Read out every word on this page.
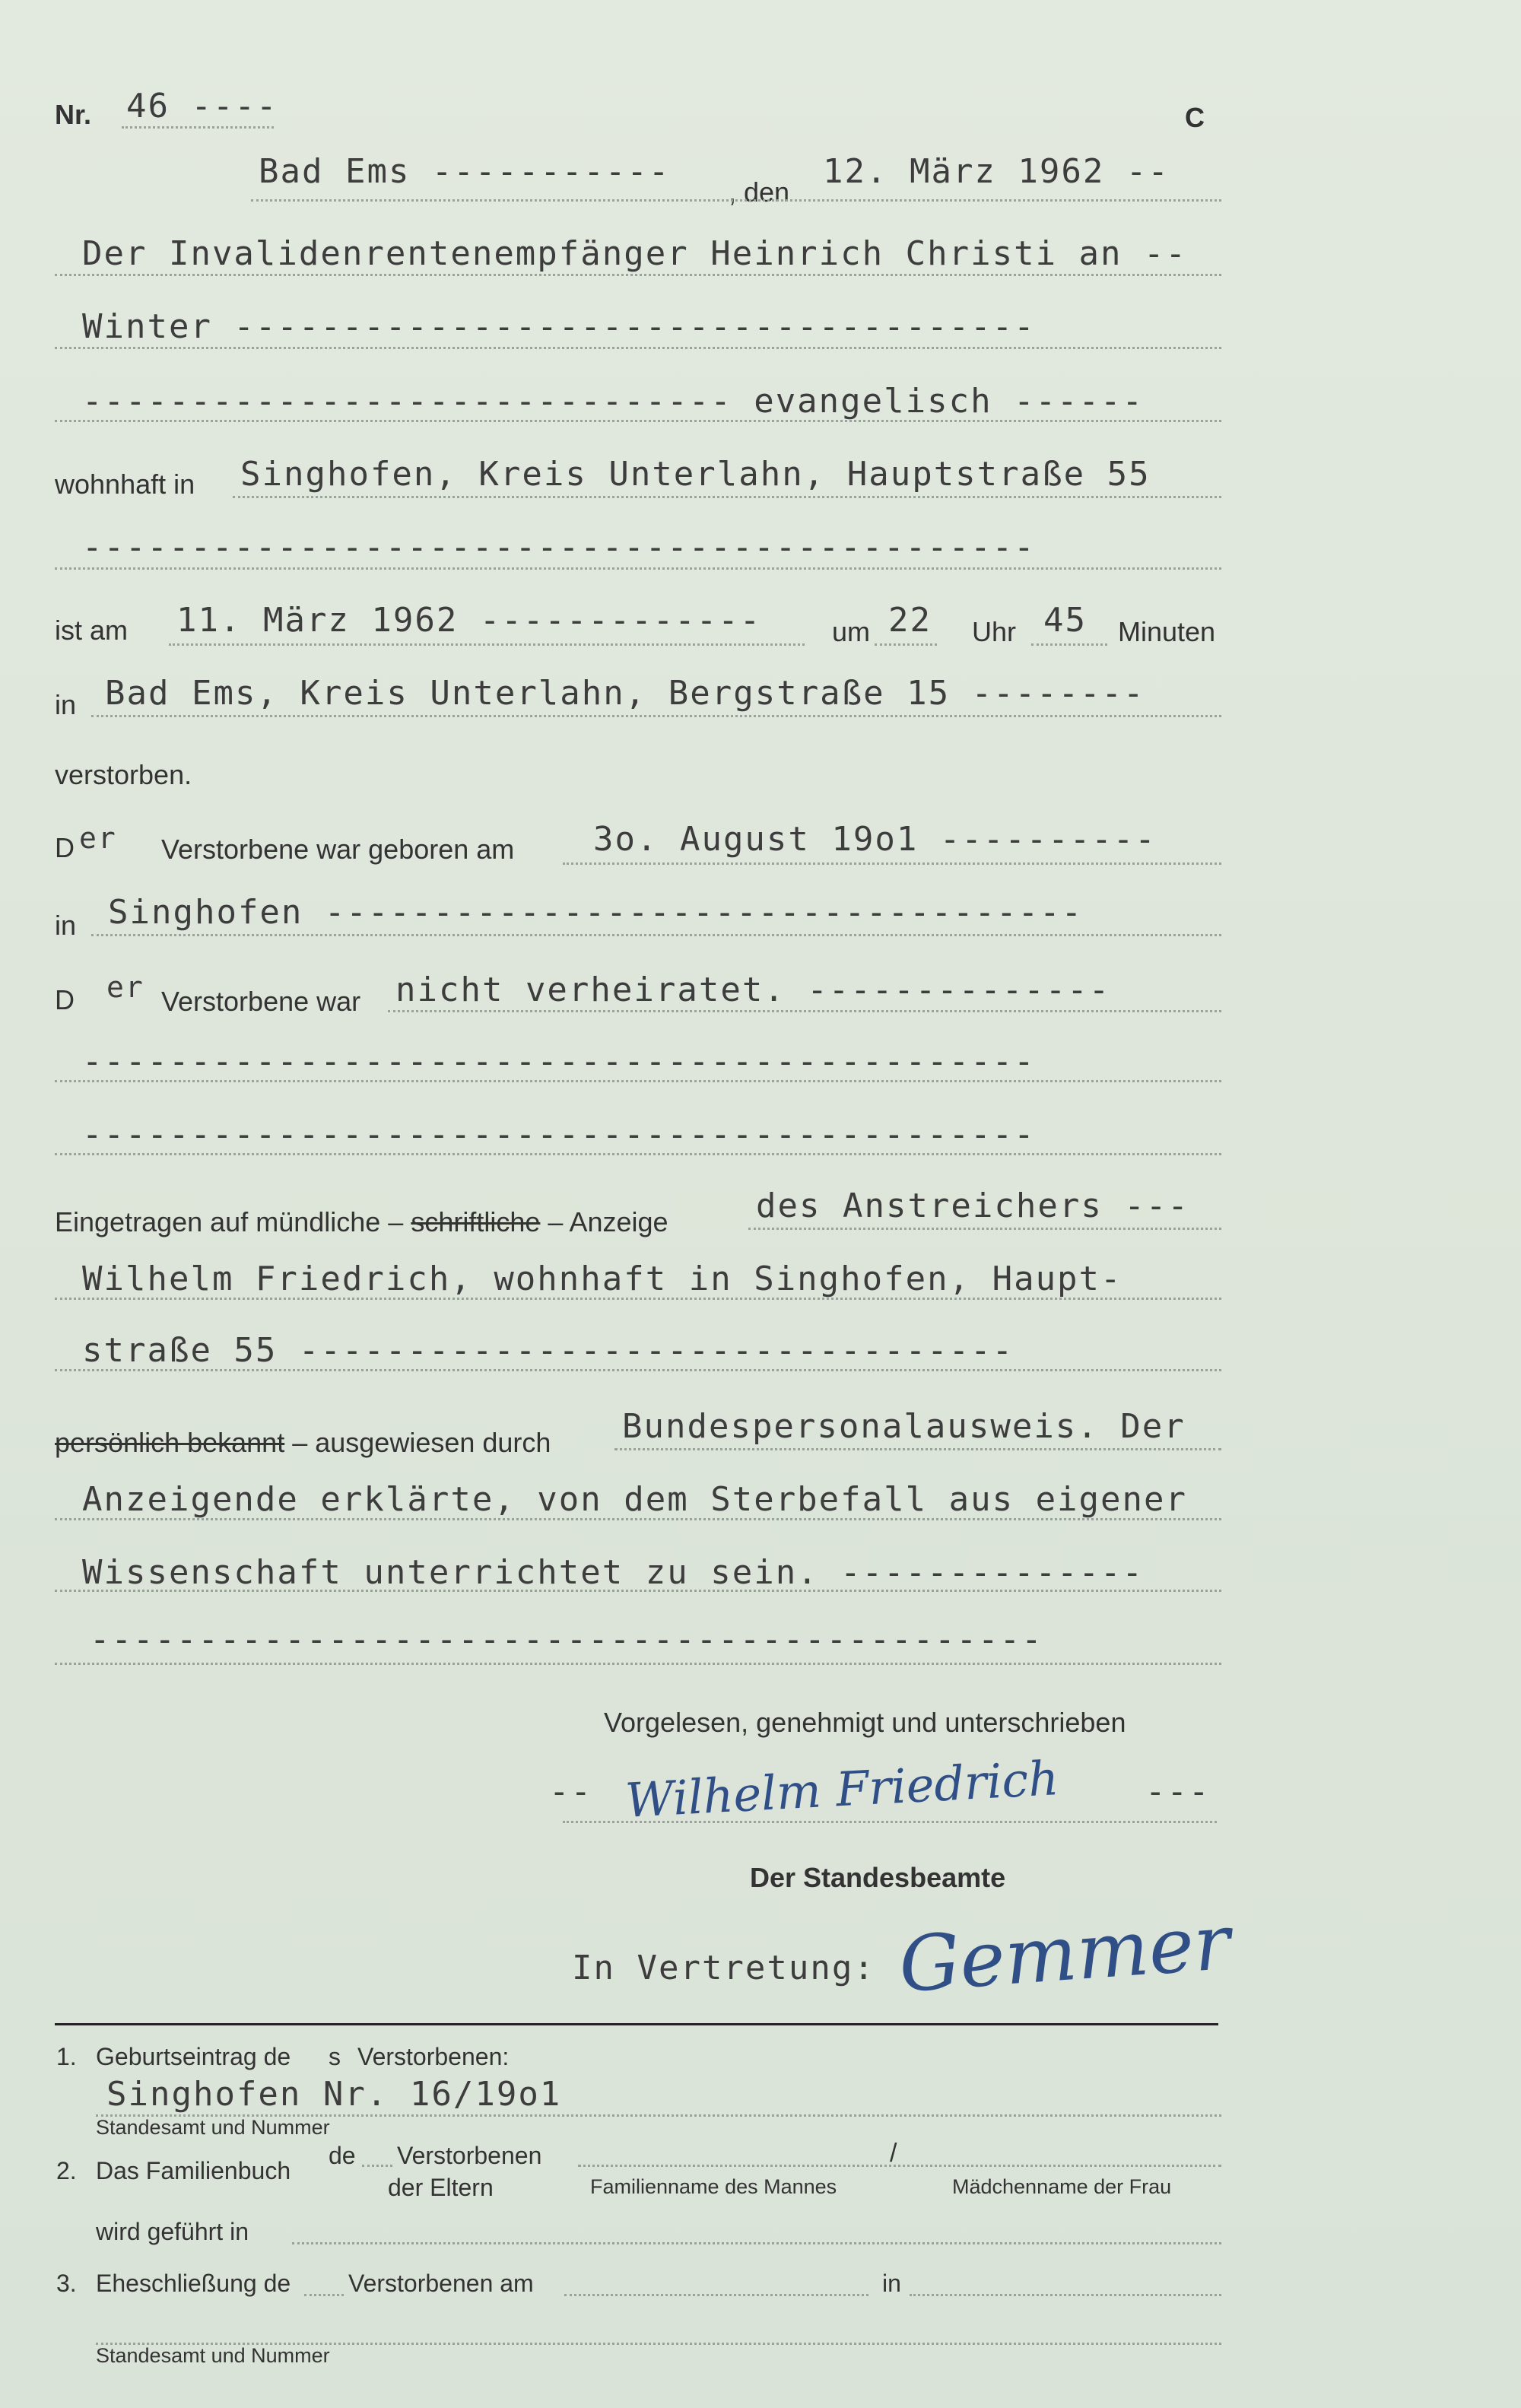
Nr. 46 ----	C
Bad Ems -----------
, den
12. März 1962 --
Der Invalidenrentenempfänger Heinrich Christi an --
Winter -------------------------------------
------------------------------ evangelisch ------
wohnhaft in Singhofen, Kreis Unterlahn, Hauptstraße 55
--------------------------------------------
ist am 11. März 1962 -------------	um 22 Uhr 45 Minuten
in Bad Ems, Kreis Unterlahn, Bergstraße 15 --------
verstorben.
D er Verstorbene war geboren am 3o. August 19o1 ----------
in Singhofen -----------------------------------
D er Verstorbene war nicht verheiratet. --------------
--------------------------------------------
--------------------------------------------
Eingetragen auf mündliche – schriftliche – Anzeige	des Anstreichers ---
Wilhelm Friedrich, wohnhaft in Singhofen, Haupt-
straße 55 ---------------------------------
persönlich bekannt – ausgewiesen durch Bundespersonalausweis. Der
Anzeigende erklärte, von dem Sterbefall aus eigener
Wissenschaft unterrichtet zu sein. --------------
--------------------------------------------
Vorgelesen, genehmigt und unterschrieben
-- Wilhelm Friedrich	---
Der Standesbeamte
In Vertretung: Gemmer
1. Geburtseintrag de s Verstorbenen:
Singhofen Nr. 16/19o1
Standesamt und Nummer
2. Das Familienbuch
de Verstorbenen
der Eltern
/
Familienname des Mannes	Mädchenname der Frau
wird geführt in
3. Eheschließung de Verstorbenen am	in
Standesamt und Nummer
